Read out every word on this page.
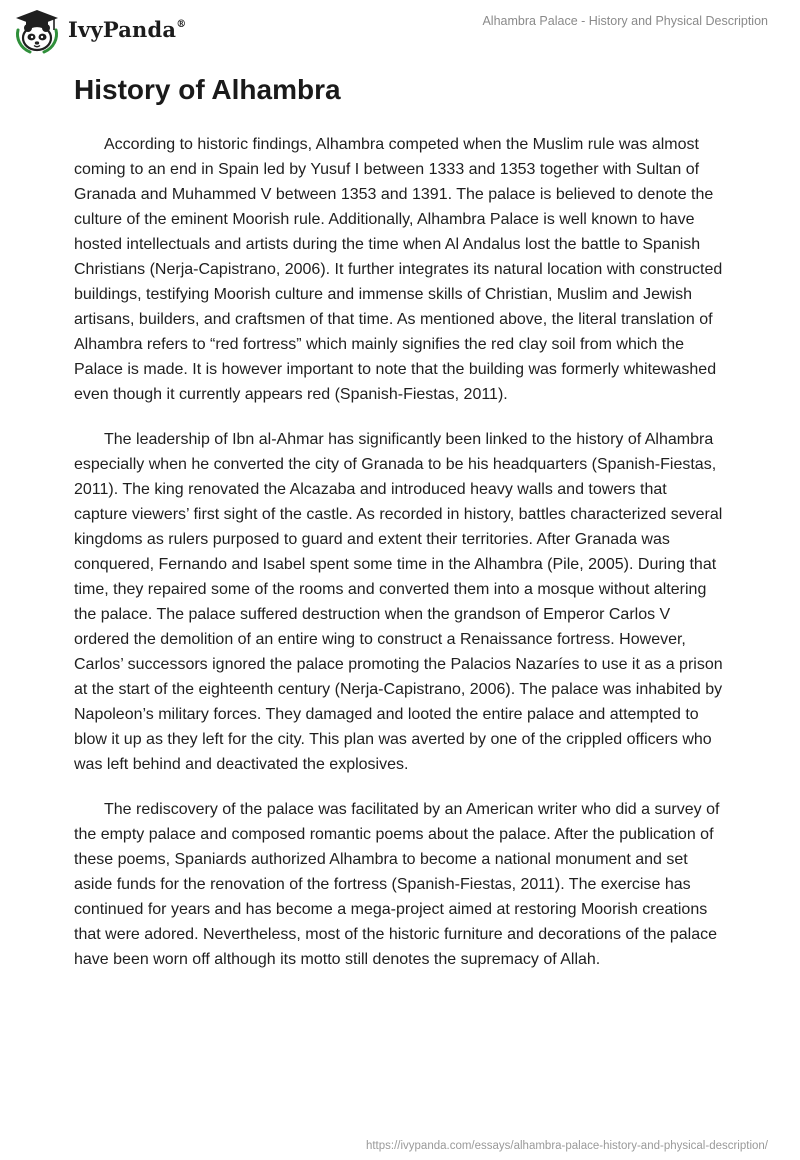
IvyPanda®	Alhambra Palace - History and Physical Description
History of Alhambra

According to historic findings, Alhambra competed when the Muslim rule was almost coming to an end in Spain led by Yusuf I between 1333 and 1353 together with Sultan of Granada and Muhammed V between 1353 and 1391. The palace is believed to denote the culture of the eminent Moorish rule. Additionally, Alhambra Palace is well known to have hosted intellectuals and artists during the time when Al Andalus lost the battle to Spanish Christians (Nerja-Capistrano, 2006). It further integrates its natural location with constructed buildings, testifying Moorish culture and immense skills of Christian, Muslim and Jewish artisans, builders, and craftsmen of that time. As mentioned above, the literal translation of Alhambra refers to “red fortress” which mainly signifies the red clay soil from which the Palace is made. It is however important to note that the building was formerly whitewashed even though it currently appears red (Spanish-Fiestas, 2011).

The leadership of Ibn al-Ahmar has significantly been linked to the history of Alhambra especially when he converted the city of Granada to be his headquarters (Spanish-Fiestas, 2011). The king renovated the Alcazaba and introduced heavy walls and towers that capture viewers’ first sight of the castle. As recorded in history, battles characterized several kingdoms as rulers purposed to guard and extent their territories. After Granada was conquered, Fernando and Isabel spent some time in the Alhambra (Pile, 2005). During that time, they repaired some of the rooms and converted them into a mosque without altering the palace. The palace suffered destruction when the grandson of Emperor Carlos V ordered the demolition of an entire wing to construct a Renaissance fortress. However, Carlos’ successors ignored the palace promoting the Palacios Nazaríes to use it as a prison at the start of the eighteenth century (Nerja-Capistrano, 2006). The palace was inhabited by Napoleon’s military forces. They damaged and looted the entire palace and attempted to blow it up as they left for the city. This plan was averted by one of the crippled officers who was left behind and deactivated the explosives.

The rediscovery of the palace was facilitated by an American writer who did a survey of the empty palace and composed romantic poems about the palace. After the publication of these poems, Spaniards authorized Alhambra to become a national monument and set aside funds for the renovation of the fortress (Spanish-Fiestas, 2011). The exercise has continued for years and has become a mega-project aimed at restoring Moorish creations that were adored. Nevertheless, most of the historic furniture and decorations of the palace have been worn off although its motto still denotes the supremacy of Allah.

https://ivypanda.com/essays/alhambra-palace-history-and-physical-description/
